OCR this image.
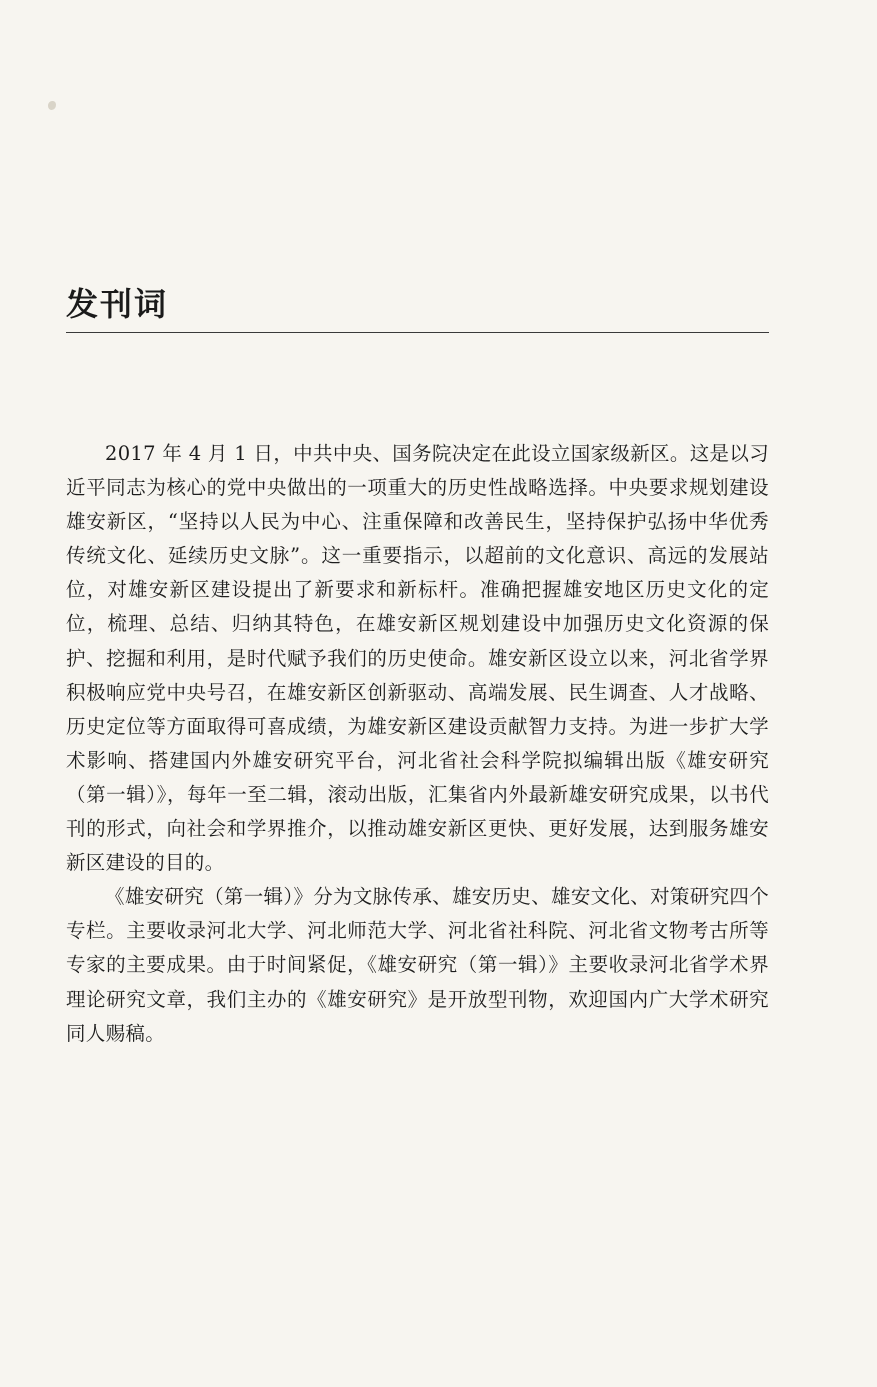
发刊词

2017 年 4 月 1 日，中共中央、国务院决定在此设立国家级新区。这是以习近平同志为核心的党中央做出的一项重大的历史性战略选择。中央要求规划建设雄安新区，“坚持以人民为中心、注重保障和改善民生，坚持保护弘扬中华优秀传统文化、延续历史文脉”。这一重要指示，以超前的文化意识、高远的发展站位，对雄安新区建设提出了新要求和新标杆。准确把握雄安地区历史文化的定位，梳理、总结、归纳其特色，在雄安新区规划建设中加强历史文化资源的保护、挖掘和利用，是时代赋予我们的历史使命。雄安新区设立以来，河北省学界积极响应党中央号召，在雄安新区创新驱动、高端发展、民生调查、人才战略、历史定位等方面取得可喜成绩，为雄安新区建设贡献智力支持。为进一步扩大学术影响、搭建国内外雄安研究平台，河北省社会科学院拟编辑出版《雄安研究（第一辑）》，每年一至二辑，滚动出版，汇集省内外最新雄安研究成果，以书代刊的形式，向社会和学界推介，以推动雄安新区更快、更好发展，达到服务雄安新区建设的目的。

《雄安研究（第一辑）》分为文脉传承、雄安历史、雄安文化、对策研究四个专栏。主要收录河北大学、河北师范大学、河北省社科院、河北省文物考古所等专家的主要成果。由于时间紧促，《雄安研究（第一辑）》主要收录河北省学术界理论研究文章，我们主办的《雄安研究》是开放型刊物，欢迎国内广大学术研究同人赐稿。
